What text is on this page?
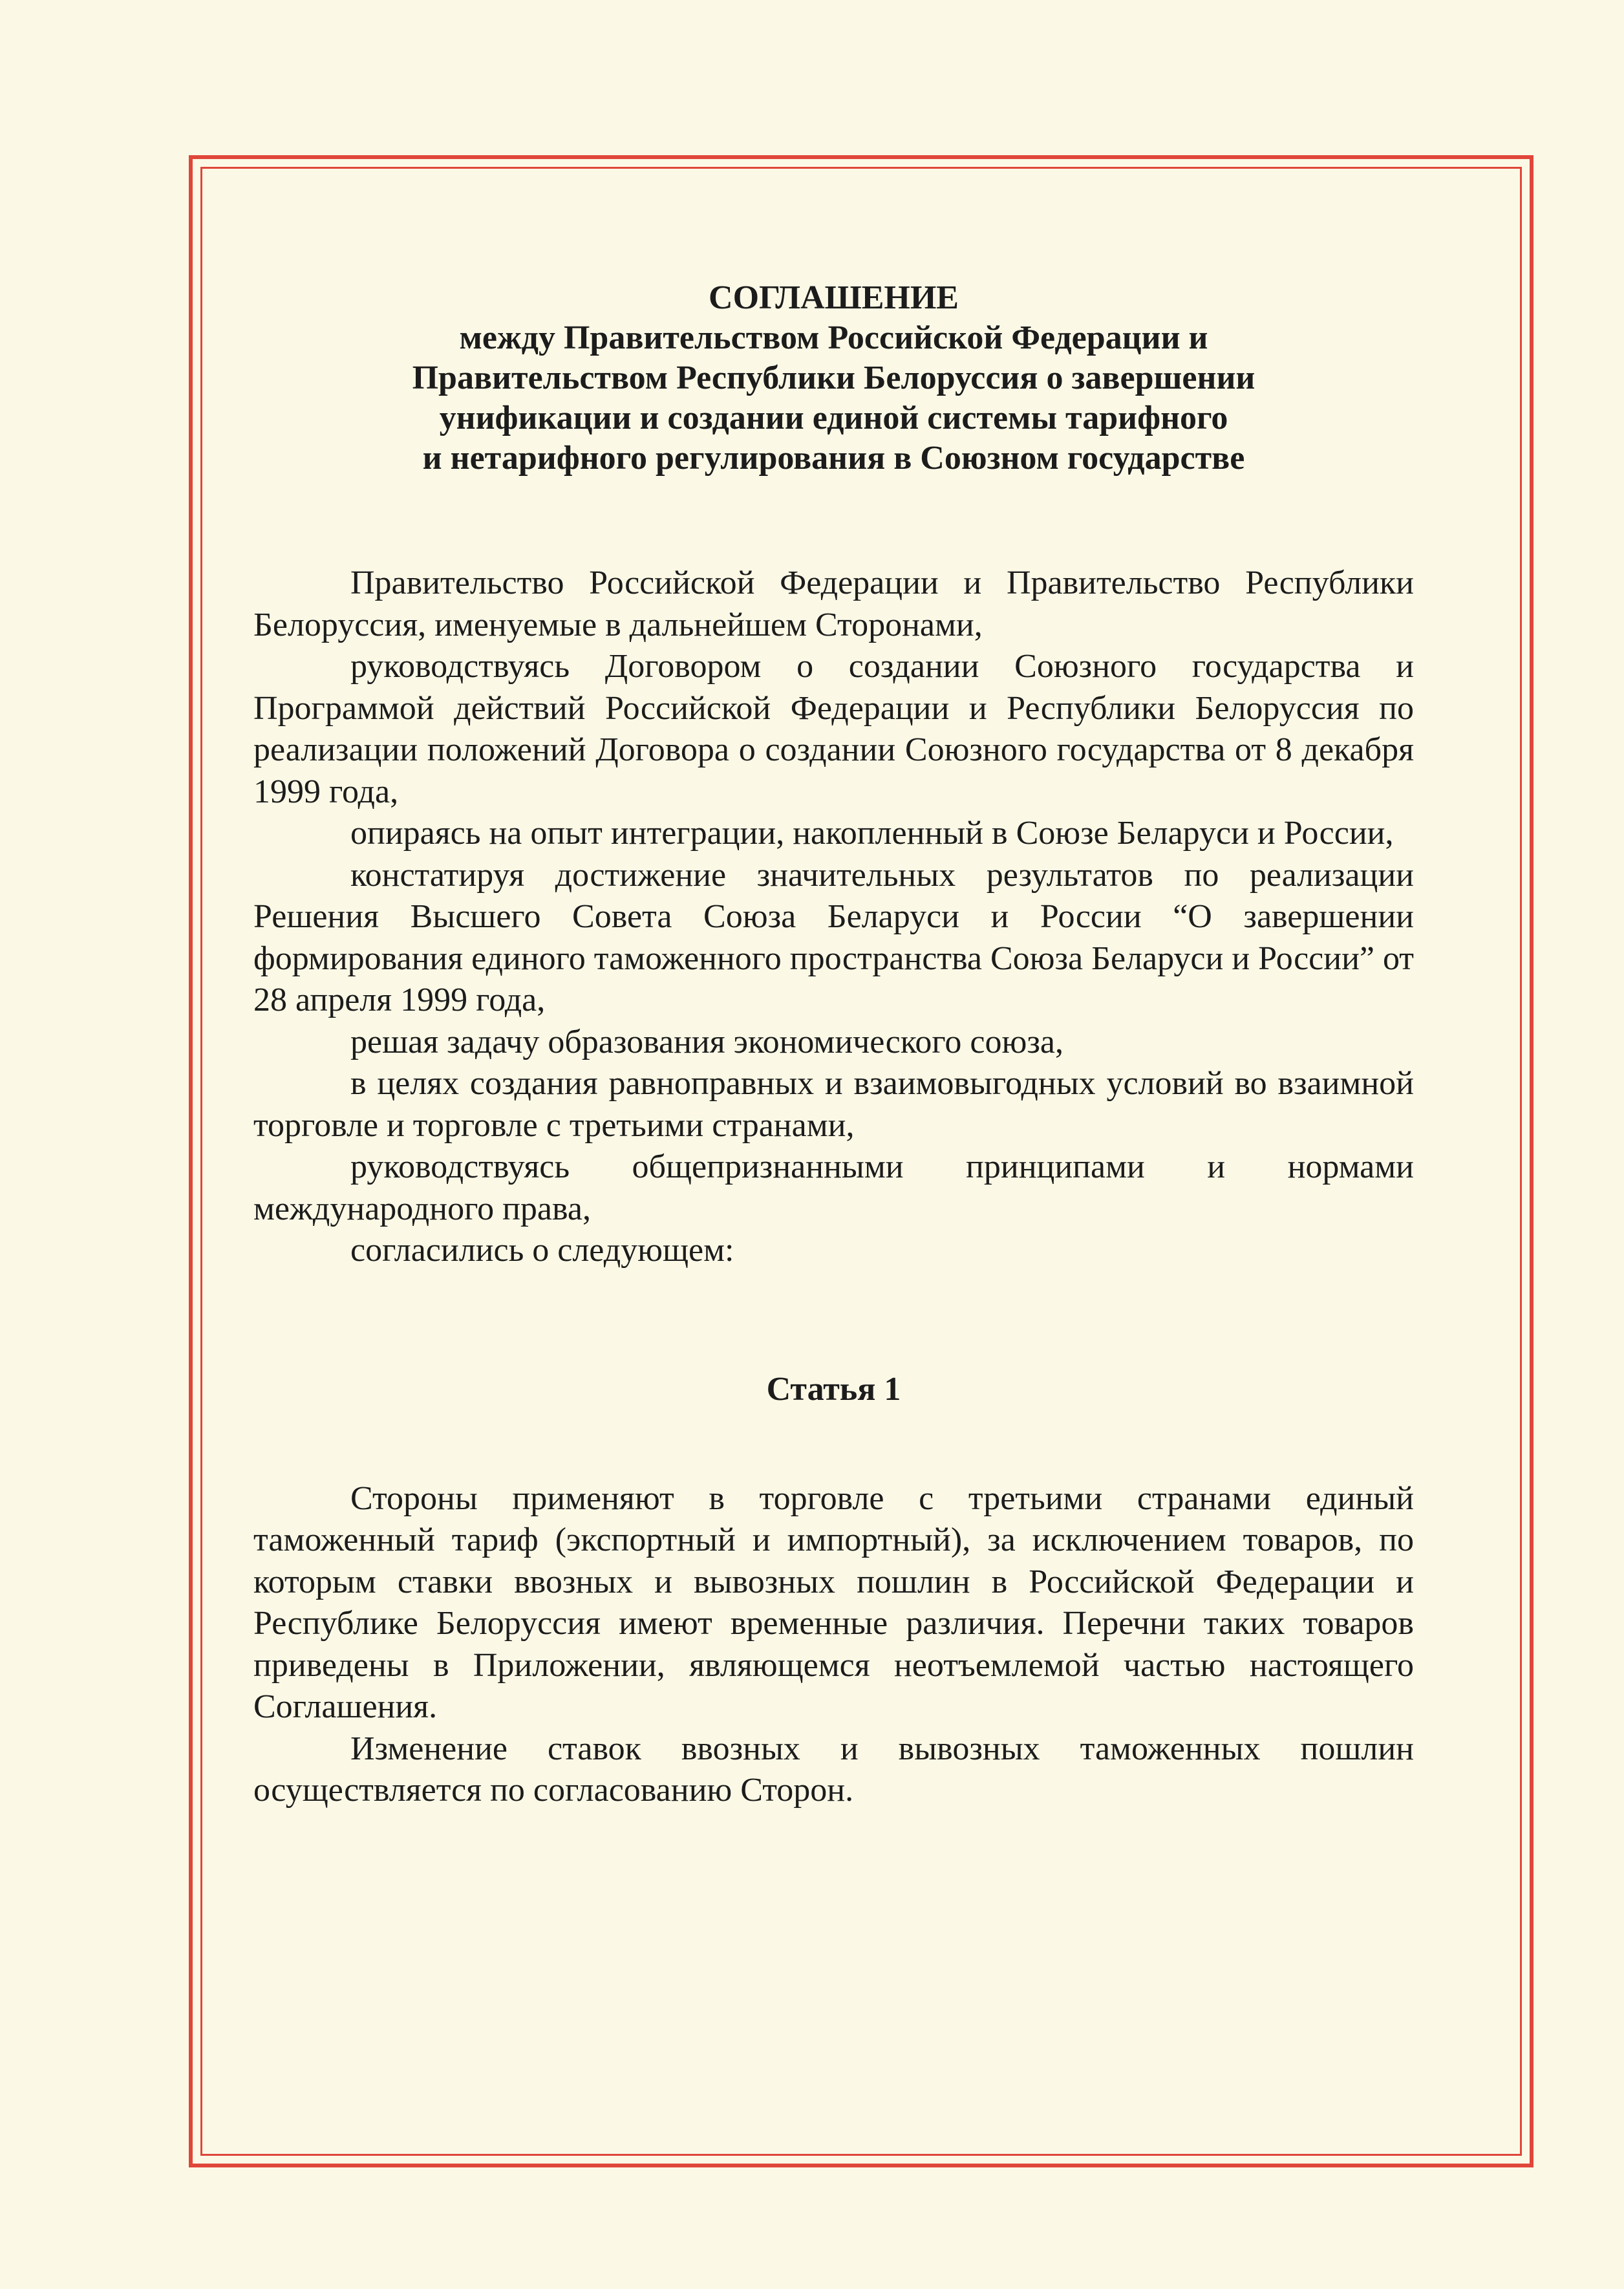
СОГЛАШЕНИЕ
между Правительством Российской Федерации и
Правительством Республики Белоруссия о завершении
унификации и создании единой системы тарифного
и нетарифного регулирования в Союзном государстве

Правительство Российской Федерации и Правительство Республики Белоруссия, именуемые в дальнейшем Сторонами,

руководствуясь Договором о создании Союзного государства и Программой действий Российской Федерации и Республики Белоруссия по реализации положений Договора о создании Союзного государства от 8 декабря 1999 года,

опираясь на опыт интеграции, накопленный в Союзе Беларуси и России,

констатируя достижение значительных результатов по реализации Решения Высшего Совета Союза Беларуси и России “О завершении формирования единого таможенного пространства Союза Беларуси и России” от 28 апреля 1999 года,

решая задачу образования экономического союза,

в целях создания равноправных и взаимовыгодных условий во взаимной торговле и торговле с третьими странами,

руководствуясь общепризнанными принципами и нормами международного права,

согласились о следующем:

Статья 1

Стороны применяют в торговле с третьими странами единый таможенный тариф (экспортный и импортный), за исключением товаров, по которым ставки ввозных и вывозных пошлин в Российской Федерации и Республике Белоруссия имеют временные различия. Перечни таких товаров приведены в Приложении, являющемся неотъемлемой частью настоящего Соглашения.

Изменение ставок ввозных и вывозных таможенных пошлин осуществляется по согласованию Сторон.
